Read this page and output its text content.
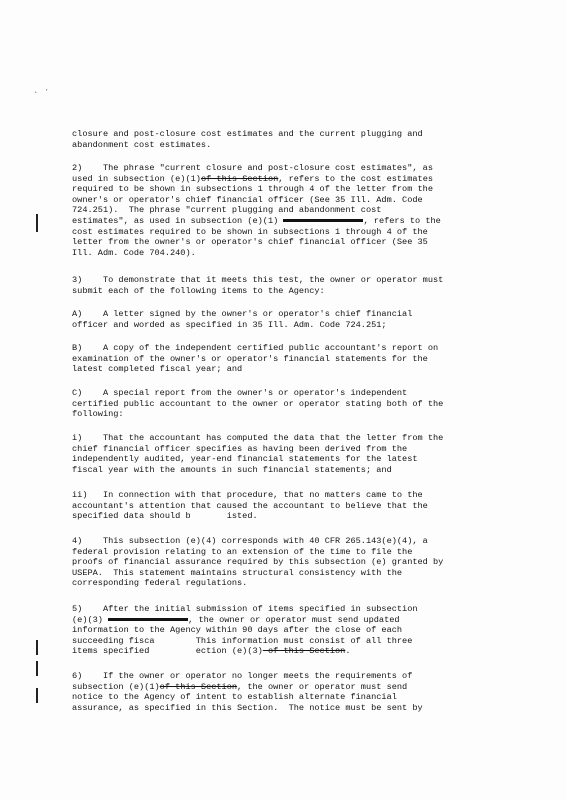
. ·
closure and post-closure cost estimates and the current plugging and
abandonment cost estimates.
2)    The phrase "current closure and post-closure cost estimates", as
used in subsection (e)(1)of this Section, refers to the cost estimates
required to be shown in subsections 1 through 4 of the letter from the
owner's or operator's chief financial officer (See 35 Ill. Adm. Code
724.251).  The phrase "current plugging and abandonment cost
estimates", as used in subsection (e)(1)	, refers to the
cost estimates required to be shown in subsections 1 through 4 of the
letter from the owner's or operator's chief financial officer (See 35
Ill. Adm. Code 704.240).
3)    To demonstrate that it meets this test, the owner or operator must
submit each of the following items to the Agency:
A)    A letter signed by the owner's or operator's chief financial
officer and worded as specified in 35 Ill. Adm. Code 724.251;
B)    A copy of the independent certified public accountant's report on
examination of the owner's or operator's financial statements for the
latest completed fiscal year; and
C)    A special report from the owner's or operator's independent
certified public accountant to the owner or operator stating both of the
following:
i)    That the accountant has computed the data that the letter from the
chief financial officer specifies as having been derived from the
independently audited, year-end financial statements for the latest
fiscal year with the amounts in such financial statements; and
ii)   In connection with that procedure, that no matters came to the
accountant's attention that caused the accountant to believe that the
specified data should b       isted.
4)    This subsection (e)(4) corresponds with 40 CFR 265.143(e)(4), a
federal provision relating to an extension of the time to file the
proofs of financial assurance required by this subsection (e) granted by
USEPA.  This statement maintains structural consistency with the
corresponding federal regulations.
5)    After the initial submission of items specified in subsection
(e)(3)	, the owner or operator must send updated
information to the Agency within 90 days after the close of each
succeeding fisca        This information must consist of all three
items specified         ection (e)(3) of this Section.
6)    If the owner or operator no longer meets the requirements of
subsection (e)(1)of this Section, the owner or operator must send
notice to the Agency of intent to establish alternate financial
assurance, as specified in this Section.  The notice must be sent by
